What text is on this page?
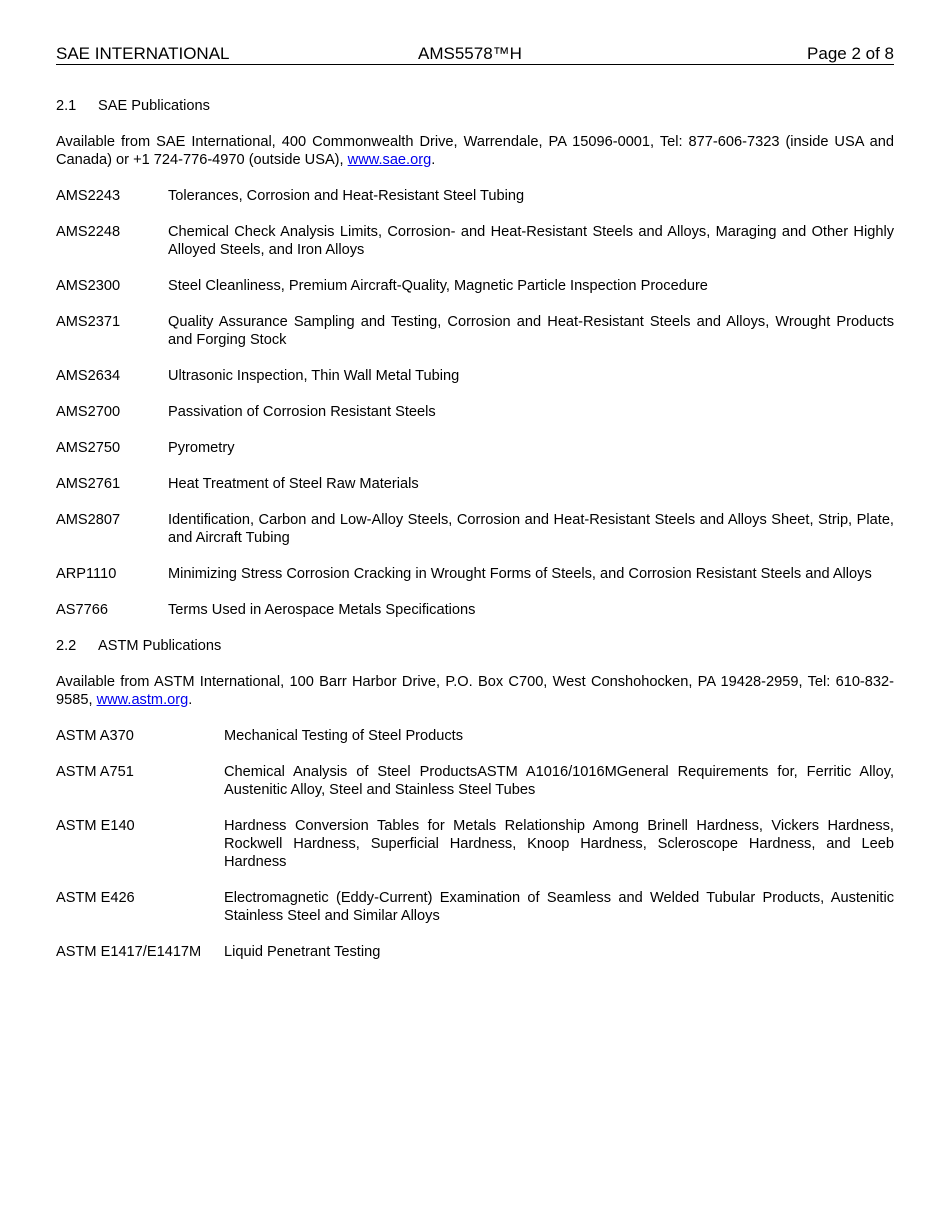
SAE INTERNATIONAL	AMS5578™H	Page 2 of 8
2.1	SAE Publications

Available from SAE International, 400 Commonwealth Drive, Warrendale, PA 15096-0001, Tel: 877-606-7323 (inside USA and Canada) or +1 724-776-4970 (outside USA), www.sae.org.

AMS2243	Tolerances, Corrosion and Heat-Resistant Steel Tubing
AMS2248	Chemical Check Analysis Limits, Corrosion- and Heat-Resistant Steels and Alloys, Maraging and Other Highly Alloyed Steels, and Iron Alloys
AMS2300	Steel Cleanliness, Premium Aircraft-Quality, Magnetic Particle Inspection Procedure
AMS2371	Quality Assurance Sampling and Testing, Corrosion and Heat-Resistant Steels and Alloys, Wrought Products and Forging Stock
AMS2634	Ultrasonic Inspection, Thin Wall Metal Tubing
AMS2700	Passivation of Corrosion Resistant Steels
AMS2750	Pyrometry
AMS2761	Heat Treatment of Steel Raw Materials
AMS2807	Identification, Carbon and Low-Alloy Steels, Corrosion and Heat-Resistant Steels and Alloys Sheet, Strip, Plate, and Aircraft Tubing
ARP1110	Minimizing Stress Corrosion Cracking in Wrought Forms of Steels, and Corrosion Resistant Steels and Alloys
AS7766	Terms Used in Aerospace Metals Specifications
2.2	ASTM Publications

Available from ASTM International, 100 Barr Harbor Drive, P.O. Box C700, West Conshohocken, PA 19428-2959, Tel: 610-832-9585, www.astm.org.

ASTM A370	Mechanical Testing of Steel Products
ASTM A751	Chemical Analysis of Steel ProductsASTM A1016/1016MGeneral Requirements for, Ferritic Alloy, Austenitic Alloy, Steel and Stainless Steel Tubes
ASTM E140	Hardness Conversion Tables for Metals Relationship Among Brinell Hardness, Vickers Hardness, Rockwell Hardness, Superficial Hardness, Knoop Hardness, Scleroscope Hardness, and Leeb Hardness
ASTM E426	Electromagnetic (Eddy-Current) Examination of Seamless and Welded Tubular Products, Austenitic Stainless Steel and Similar Alloys
ASTM E1417/E1417M	Liquid Penetrant Testing
